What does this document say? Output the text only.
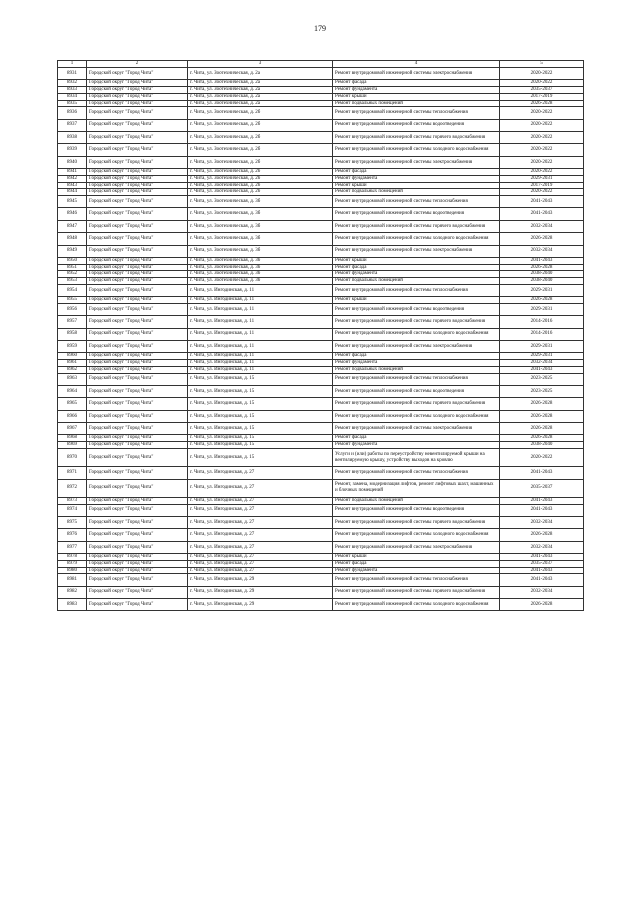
179
1	2	3	4	5
8931	Городской округ "Город Чита"	г. Чита, ул. Зоотехническая, д. 2а	Ремонт внутридомовой инженерной системы электроснабжения	2020-2022
8932	Городской округ "Город Чита"	г. Чита, ул. Зоотехническая, д. 2а	Ремонт фасада	2020-2022
8933	Городской округ "Город Чита"	г. Чита, ул. Зоотехническая, д. 2а	Ремонт фундамента	2035-2037
8934	Городской округ "Город Чита"	г. Чита, ул. Зоотехническая, д. 2а	Ремонт крыши	2017-2019
8935	Городской округ "Город Чита"	г. Чита, ул. Зоотехническая, д. 2а	Ремонт подвальных помещений	2026-2028
8936	Городской округ "Город Чита"	г. Чита, ул. Зоотехническая, д. 2б	Ремонт внутридомовой инженерной системы теплоснабжения	2020-2022
8937	Городской округ "Город Чита"	г. Чита, ул. Зоотехническая, д. 2б	Ремонт внутридомовой инженерной системы водоотведения	2020-2022
8938	Городской округ "Город Чита"	г. Чита, ул. Зоотехническая, д. 2б	Ремонт внутридомовой инженерной системы горячего водоснабжения	2020-2022
8939	Городской округ "Город Чита"	г. Чита, ул. Зоотехническая, д. 2б	Ремонт внутридомовой инженерной системы холодного водоснабжения	2020-2022
8940	Городской округ "Город Чита"	г. Чита, ул. Зоотехническая, д. 2б	Ремонт внутридомовой инженерной системы электроснабжения	2020-2022
8941	Городской округ "Город Чита"	г. Чита, ул. Зоотехническая, д. 2б	Ремонт фасада	2020-2022
8942	Городской округ "Город Чита"	г. Чита, ул. Зоотехническая, д. 2б	Ремонт фундамента	2029-2031
8943	Городской округ "Город Чита"	г. Чита, ул. Зоотехническая, д. 2б	Ремонт крыши	2017-2019
8944	Городской округ "Город Чита"	г. Чита, ул. Зоотехническая, д. 2б	Ремонт подвальных помещений	2020-2022
8945	Городской округ "Город Чита"	г. Чита, ул. Зоотехническая, д. 3б	Ремонт внутридомовой инженерной системы теплоснабжения	2041-2043
8946	Городской округ "Город Чита"	г. Чита, ул. Зоотехническая, д. 3б	Ремонт внутридомовой инженерной системы водоотведения	2041-2043
8947	Городской округ "Город Чита"	г. Чита, ул. Зоотехническая, д. 3б	Ремонт внутридомовой инженерной системы горячего водоснабжения	2032-2034
8948	Городской округ "Город Чита"	г. Чита, ул. Зоотехническая, д. 3б	Ремонт внутридомовой инженерной системы холодного водоснабжения	2026-2028
8949	Городской округ "Город Чита"	г. Чита, ул. Зоотехническая, д. 3б	Ремонт внутридомовой инженерной системы электроснабжения	2032-2034
8950	Городской округ "Город Чита"	г. Чита, ул. Зоотехническая, д. 3б	Ремонт крыши	2041-2043
8951	Городской округ "Город Чита"	г. Чита, ул. Зоотехническая, д. 3б	Ремонт фасада	2026-2028
8952	Городской округ "Город Чита"	г. Чита, ул. Зоотехническая, д. 3б	Ремонт фундамента	2038-2040
8953	Городской округ "Город Чита"	г. Чита, ул. Зоотехническая, д. 3б	Ремонт подвальных помещений	2038-2040
8954	Городской округ "Город Чита"	г. Чита, ул. Ингодинская, д. 11	Ремонт внутридомовой инженерной системы теплоснабжения	2029-2031
8955	Городской округ "Город Чита"	г. Чита, ул. Ингодинская, д. 11	Ремонт крыши	2026-2028
8956	Городской округ "Город Чита"	г. Чита, ул. Ингодинская, д. 11	Ремонт внутридомовой инженерной системы водоотведения	2029-2031
8957	Городской округ "Город Чита"	г. Чита, ул. Ингодинская, д. 11	Ремонт внутридомовой инженерной системы горячего водоснабжения	2014-2016
8958	Городской округ "Город Чита"	г. Чита, ул. Ингодинская, д. 11	Ремонт внутридомовой инженерной системы холодного водоснабжения	2014-2016
8959	Городской округ "Город Чита"	г. Чита, ул. Ингодинская, д. 11	Ремонт внутридомовой инженерной системы электроснабжения	2029-2031
8960	Городской округ "Город Чита"	г. Чита, ул. Ингодинская, д. 11	Ремонт фасада	2029-2031
8961	Городской округ "Город Чита"	г. Чита, ул. Ингодинская, д. 11	Ремонт фундамента	2032-2034
8962	Городской округ "Город Чита"	г. Чита, ул. Ингодинская, д. 11	Ремонт подвальных помещений	2041-2043
8963	Городской округ "Город Чита"	г. Чита, ул. Ингодинская, д. 15	Ремонт внутридомовой инженерной системы теплоснабжения	2023-2025
8964	Городской округ "Город Чита"	г. Чита, ул. Ингодинская, д. 15	Ремонт внутридомовой инженерной системы водоотведения	2023-2025
8965	Городской округ "Город Чита"	г. Чита, ул. Ингодинская, д. 15	Ремонт внутридомовой инженерной системы горячего водоснабжения	2026-2028
8966	Городской округ "Город Чита"	г. Чита, ул. Ингодинская, д. 15	Ремонт внутридомовой инженерной системы холодного водоснабжения	2026-2028
8967	Городской округ "Город Чита"	г. Чита, ул. Ингодинская, д. 15	Ремонт внутридомовой инженерной системы электроснабжения	2026-2028
8968	Городской округ "Город Чита"	г. Чита, ул. Ингодинская, д. 15	Ремонт фасада	2026-2028
8969	Городской округ "Город Чита"	г. Чита, ул. Ингодинская, д. 15	Ремонт фундамента	2038-2040
8970	Городской округ "Город Чита"	г. Чита, ул. Ингодинская, д. 15	Услуги и (или) работы по переустройству невентилируемой крыши на вентилируемую крышу, устройству выходов на кровлю	2020-2022
8971	Городской округ "Город Чита"	г. Чита, ул. Ингодинская, д. 27	Ремонт внутридомовой инженерной системы теплоснабжения	2041-2043
8972	Городской округ "Город Чита"	г. Чита, ул. Ингодинская, д. 27	Ремонт, замена, модернизация лифтов, ремонт лифтовых шахт, машинных и блочных помещений	2035-2037
8973	Городской округ "Город Чита"	г. Чита, ул. Ингодинская, д. 27	Ремонт подвальных помещений	2041-2043
8974	Городской округ "Город Чита"	г. Чита, ул. Ингодинская, д. 27	Ремонт внутридомовой инженерной системы водоотведения	2041-2043
8975	Городской округ "Город Чита"	г. Чита, ул. Ингодинская, д. 27	Ремонт внутридомовой инженерной системы горячего водоснабжения	2032-2034
8976	Городской округ "Город Чита"	г. Чита, ул. Ингодинская, д. 27	Ремонт внутридомовой инженерной системы холодного водоснабжения	2026-2028
8977	Городской округ "Город Чита"	г. Чита, ул. Ингодинская, д. 27	Ремонт внутридомовой инженерной системы электроснабжения	2032-2034
8978	Городской округ "Город Чита"	г. Чита, ул. Ингодинская, д. 27	Ремонт крыши	2041-2043
8979	Городской округ "Город Чита"	г. Чита, ул. Ингодинская, д. 27	Ремонт фасада	2035-2037
8980	Городской округ "Город Чита"	г. Чита, ул. Ингодинская, д. 27	Ремонт фундамента	2041-2043
8981	Городской округ "Город Чита"	г. Чита, ул. Ингодинская, д. 29	Ремонт внутридомовой инженерной системы теплоснабжения	2041-2043
8982	Городской округ "Город Чита"	г. Чита, ул. Ингодинская, д. 29	Ремонт внутридомовой инженерной системы горячего водоснабжения	2032-2034
8983	Городской округ "Город Чита"	г. Чита, ул. Ингодинская, д. 29	Ремонт внутридомовой инженерной системы холодного водоснабжения	2026-2028
